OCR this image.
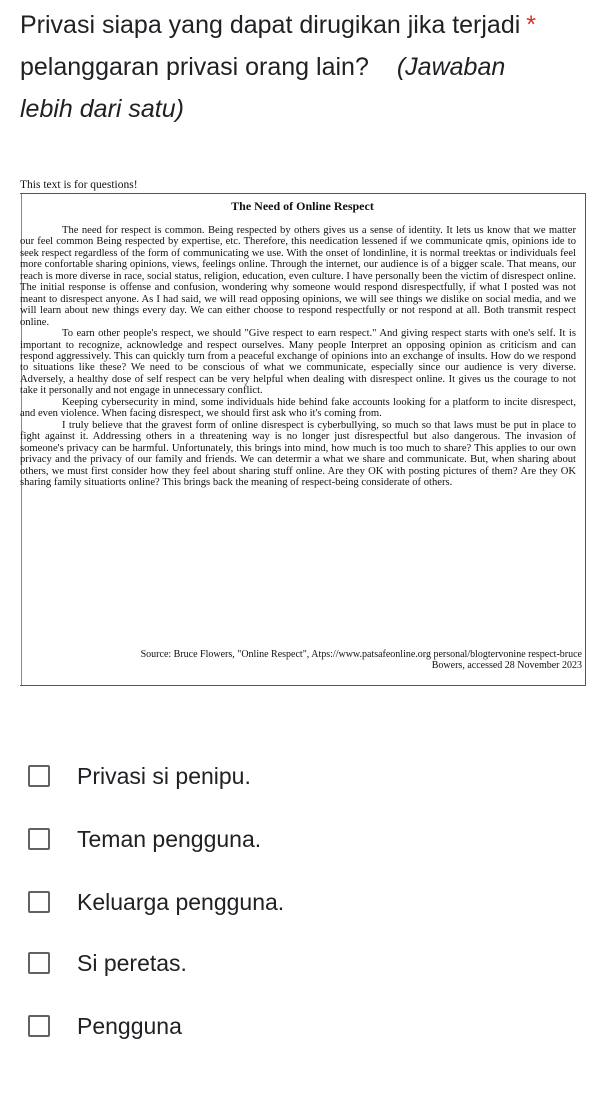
Privasi siapa yang dapat dirugikan jika terjadi *
pelanggaran privasi orang lain? (Jawaban
lebih dari satu)
This text is for questions!
The Need of Online Respect

The need for respect is common. Being respected by others gives us a sense of identity. It lets us know that we matter our feel common Being respected by expertise, etc. Therefore, this needication lessened if we communicate qmis, opinions ide to seek respect regardless of the form of communicating we use. With the onset of londinline, it is normal treektas or individuals feel more confortable sharing opinions, views, feelings online. Through the internet, our audience is of a bigger scale. That means, our reach is more diverse in race, social status, religion, education, even culture. I have personally been the victim of disrespect online. The initial response is offense and confusion, wondering why someone would respond disrespectfully, if what I posted was not meant to disrespect anyone. As I had said, we will read opposing opinions, we will see things we dislike on social media, and we will learn about new things every day. We can either choose to respond respectfully or not respond at all. Both transmit respect online.

To earn other people's respect, we should "Give respect to earn respect." And giving respect starts with one's self. It is important to recognize, acknowledge and respect ourselves. Many people Interpret an opposing opinion as criticism and can respond aggressively. This can quickly turn from a peaceful exchange of opinions into an exchange of insults. How do we respond to situations like these? We need to be conscious of what we communicate, especially since our audience is very diverse. Adversely, a healthy dose of self respect can be very helpful when dealing with disrespect online. It gives us the courage to not take it personally and not engage in unnecessary conflict.

Keeping cybersecurity in mind, some individuals hide behind fake accounts looking for a platform to incite disrespect, and even violence. When facing disrespect, we should first ask who it's coming from.

I truly believe that the gravest form of online disrespect is cyberbullying, so much so that laws must be put in place to fight against it. Addressing others in a threatening way is no longer just disrespectful but also dangerous. The invasion of someone's privacy can be harmful. Unfortunately, this brings into mind, how much is too much to share? This applies to our own privacy and the privacy of our family and friends. We can determir a what we share and communicate. But, when sharing about others, we must first consider how they feel about sharing stuff online. Are they OK with posting pictures of them? Are they OK sharing family situatiorts online? This brings back the meaning of respect-being considerate of others.

Source: Bruce Flowers, "Online Respect", Atps://www.patsafeonline.org personal/blogtervonine respect-bruce
Bowers, accessed 28 November 2023
Privasi si penipu.
Teman pengguna.
Keluarga pengguna.
Si peretas.
Pengguna
